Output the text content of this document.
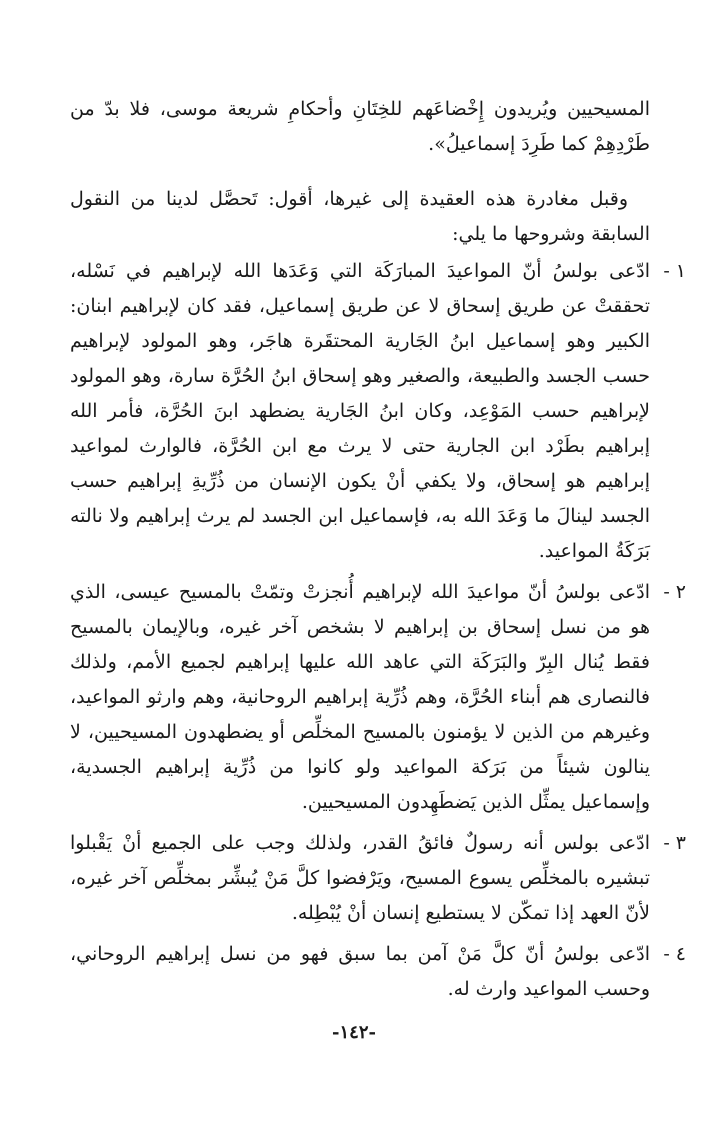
المسيحيين ويُريدون إِخْضاعَهم للخِتَانِ وأحكامِ شريعة موسى، فلا بدّ من طَرْدِهِمْ كما طَرِدَ إسماعيلُ».

وقبل مغادرة هذه العقيدة إلى غيرها، أقول: تَحصَّل لدينا من النقول السابقة وشروحها ما يلي:

١ -

ادّعى بولسُ أنّ المواعيدَ المبارَكَة التي وَعَدَها الله لإبراهيم في نَسْله، تحققتْ عن طريق إسحاق لا عن طريق إسماعيل، فقد كان لإبراهيم ابنان: الكبير وهو إسماعيل ابنُ الجَارية المحتقَرة هاجَر، وهو المولود لإبراهيم حسب الجسد والطبيعة، والصغير وهو إسحاق ابنُ الحُرَّة سارة، وهو المولود لإبراهيم حسب المَوْعِد، وكان ابنُ الجَارية يضطهد ابنَ الحُرَّة، فأمر الله إبراهيم بطَرْد ابن الجارية حتى لا يرث مع ابن الحُرَّة، فالوارث لمواعيد إبراهيم هو إسحاق، ولا يكفي أنْ يكون الإنسان من ذُرِّيةِ إبراهيم حسب الجسد لينالَ ما وَعَدَ الله به، فإسماعيل ابن الجسد لم يرث إبراهيم ولا نالته بَرَكَةُ المواعيد.

٢ -

ادّعى بولسُ أنّ مواعيدَ الله لإبراهيم أُنجزتْ وتمّتْ بالمسيح عيسى، الذي هو من نسل إسحاق بن إبراهيم لا بشخص آخر غيره، وبالإيمان بالمسيح فقط يُنال البِرّ والبَرَكَة التي عاهد الله عليها إبراهيم لجميع الأمم، ولذلك فالنصارى هم أبناء الحُرَّة، وهم ذُرِّية إبراهيم الروحانية، وهم وارثو المواعيد، وغيرهم من الذين لا يؤمنون بالمسيح المخلِّص أو يضطهدون المسيحيين، لا ينالون شيئاً من بَرَكة المواعيد ولو كانوا من ذُرِّية إبراهيم الجسدية، وإسماعيل يمثِّل الذين يَضطَهِدون المسيحيين.

٣ -

ادّعى بولس أنه رسولٌ فائقُ القدر، ولذلك وجب على الجميع أنْ يَقْبلوا تبشيره بالمخلِّص يسوع المسيح، ويَرْفضوا كلَّ مَنْ يُبشِّر بمخلِّص آخر غيره، لأنّ العهد إذا تمكّن لا يستطيع إنسان أنْ يُبْطِله.

٤ -

ادّعى بولسُ أنّ كلَّ مَنْ آمن بما سبق فهو من نسل إبراهيم الروحاني، وحسب المواعيد وارث له.

-١٤٢-
